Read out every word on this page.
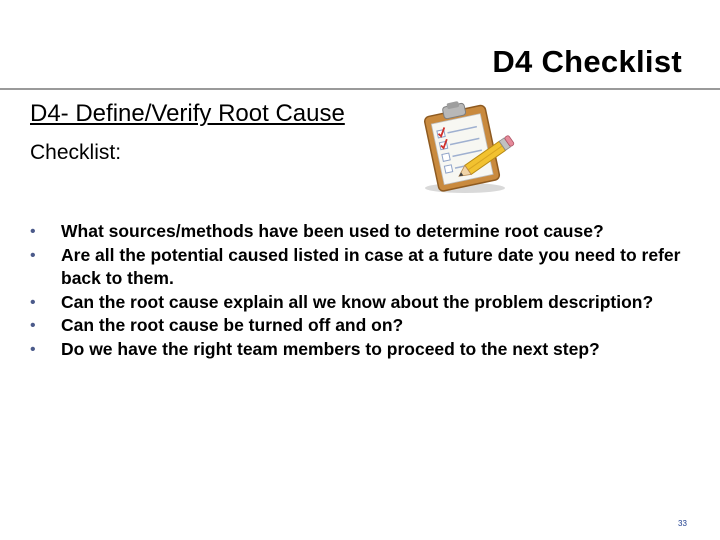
D4 Checklist
D4- Define/Verify Root Cause
Checklist:
• What sources/methods have been used to determine root cause?
• Are all the potential caused listed in case at a future date you need to refer back to them.
• Can the root cause explain all we know about the problem description?
• Can the root cause be turned off and on?
• Do we have the right team members to proceed to the next step?
33
